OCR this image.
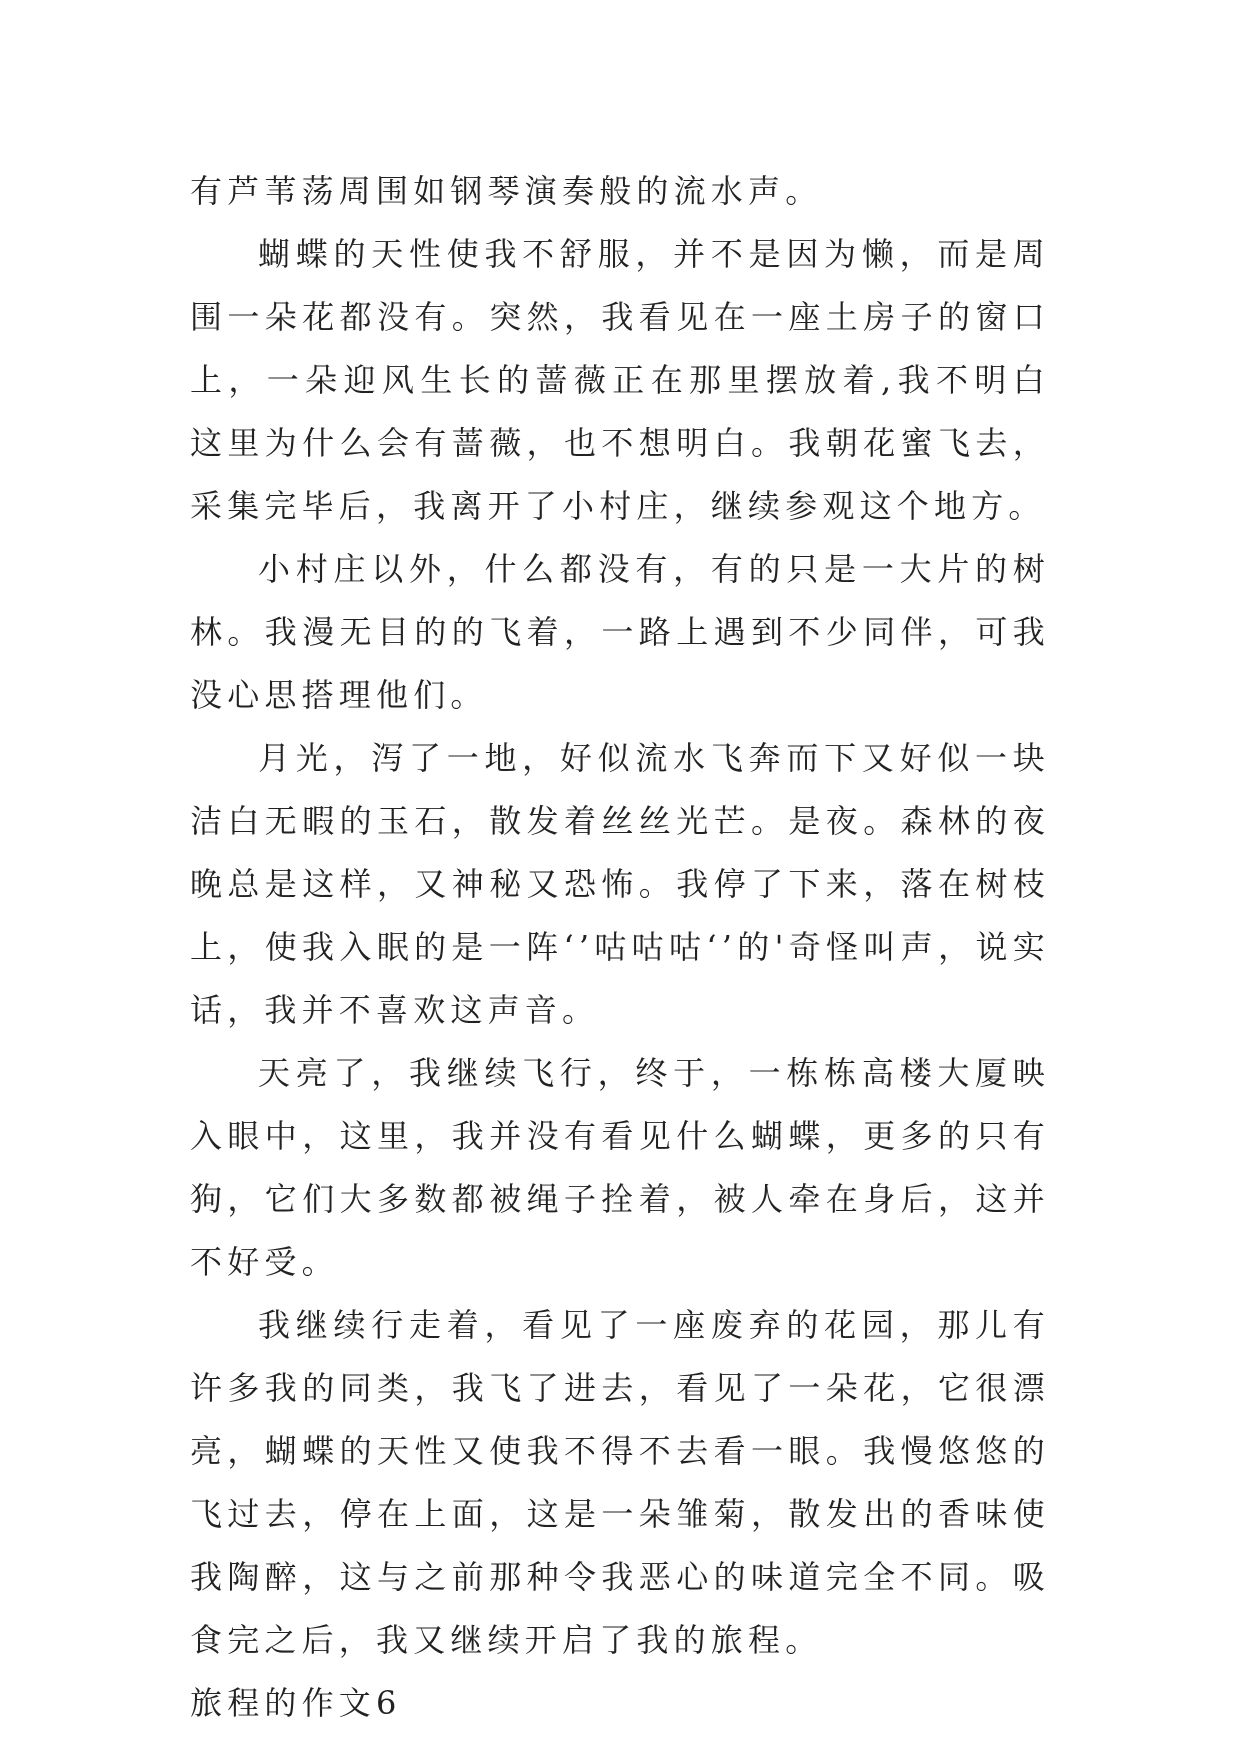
有芦苇荡周围如钢琴演奏般的流水声。

蝴蝶的天性使我不舒服，并不是因为懒，而是周围一朵花都没有。突然，我看见在一座土房子的窗口上，一朵迎风生长的蔷薇正在那里摆放着,我不明白这里为什么会有蔷薇，也不想明白。我朝花蜜飞去，采集完毕后，我离开了小村庄，继续参观这个地方。

小村庄以外，什么都没有，有的只是一大片的树林。我漫无目的的飞着，一路上遇到不少同伴，可我没心思搭理他们。

月光，泻了一地，好似流水飞奔而下又好似一块洁白无暇的玉石，散发着丝丝光芒。是夜。森林的夜晚总是这样，又神秘又恐怖。我停了下来，落在树枝上，使我入眠的是一阵‘’咕咕咕‘’的'奇怪叫声，说实话，我并不喜欢这声音。

天亮了，我继续飞行，终于，一栋栋高楼大厦映入眼中，这里，我并没有看见什么蝴蝶，更多的只有狗，它们大多数都被绳子拴着，被人牵在身后，这并不好受。

我继续行走着，看见了一座废弃的花园，那儿有许多我的同类，我飞了进去，看见了一朵花，它很漂亮，蝴蝶的天性又使我不得不去看一眼。我慢悠悠的飞过去，停在上面，这是一朵雏菊，散发出的香味使我陶醉，这与之前那种令我恶心的味道完全不同。吸食完之后，我又继续开启了我的旅程。

旅程的作文6
